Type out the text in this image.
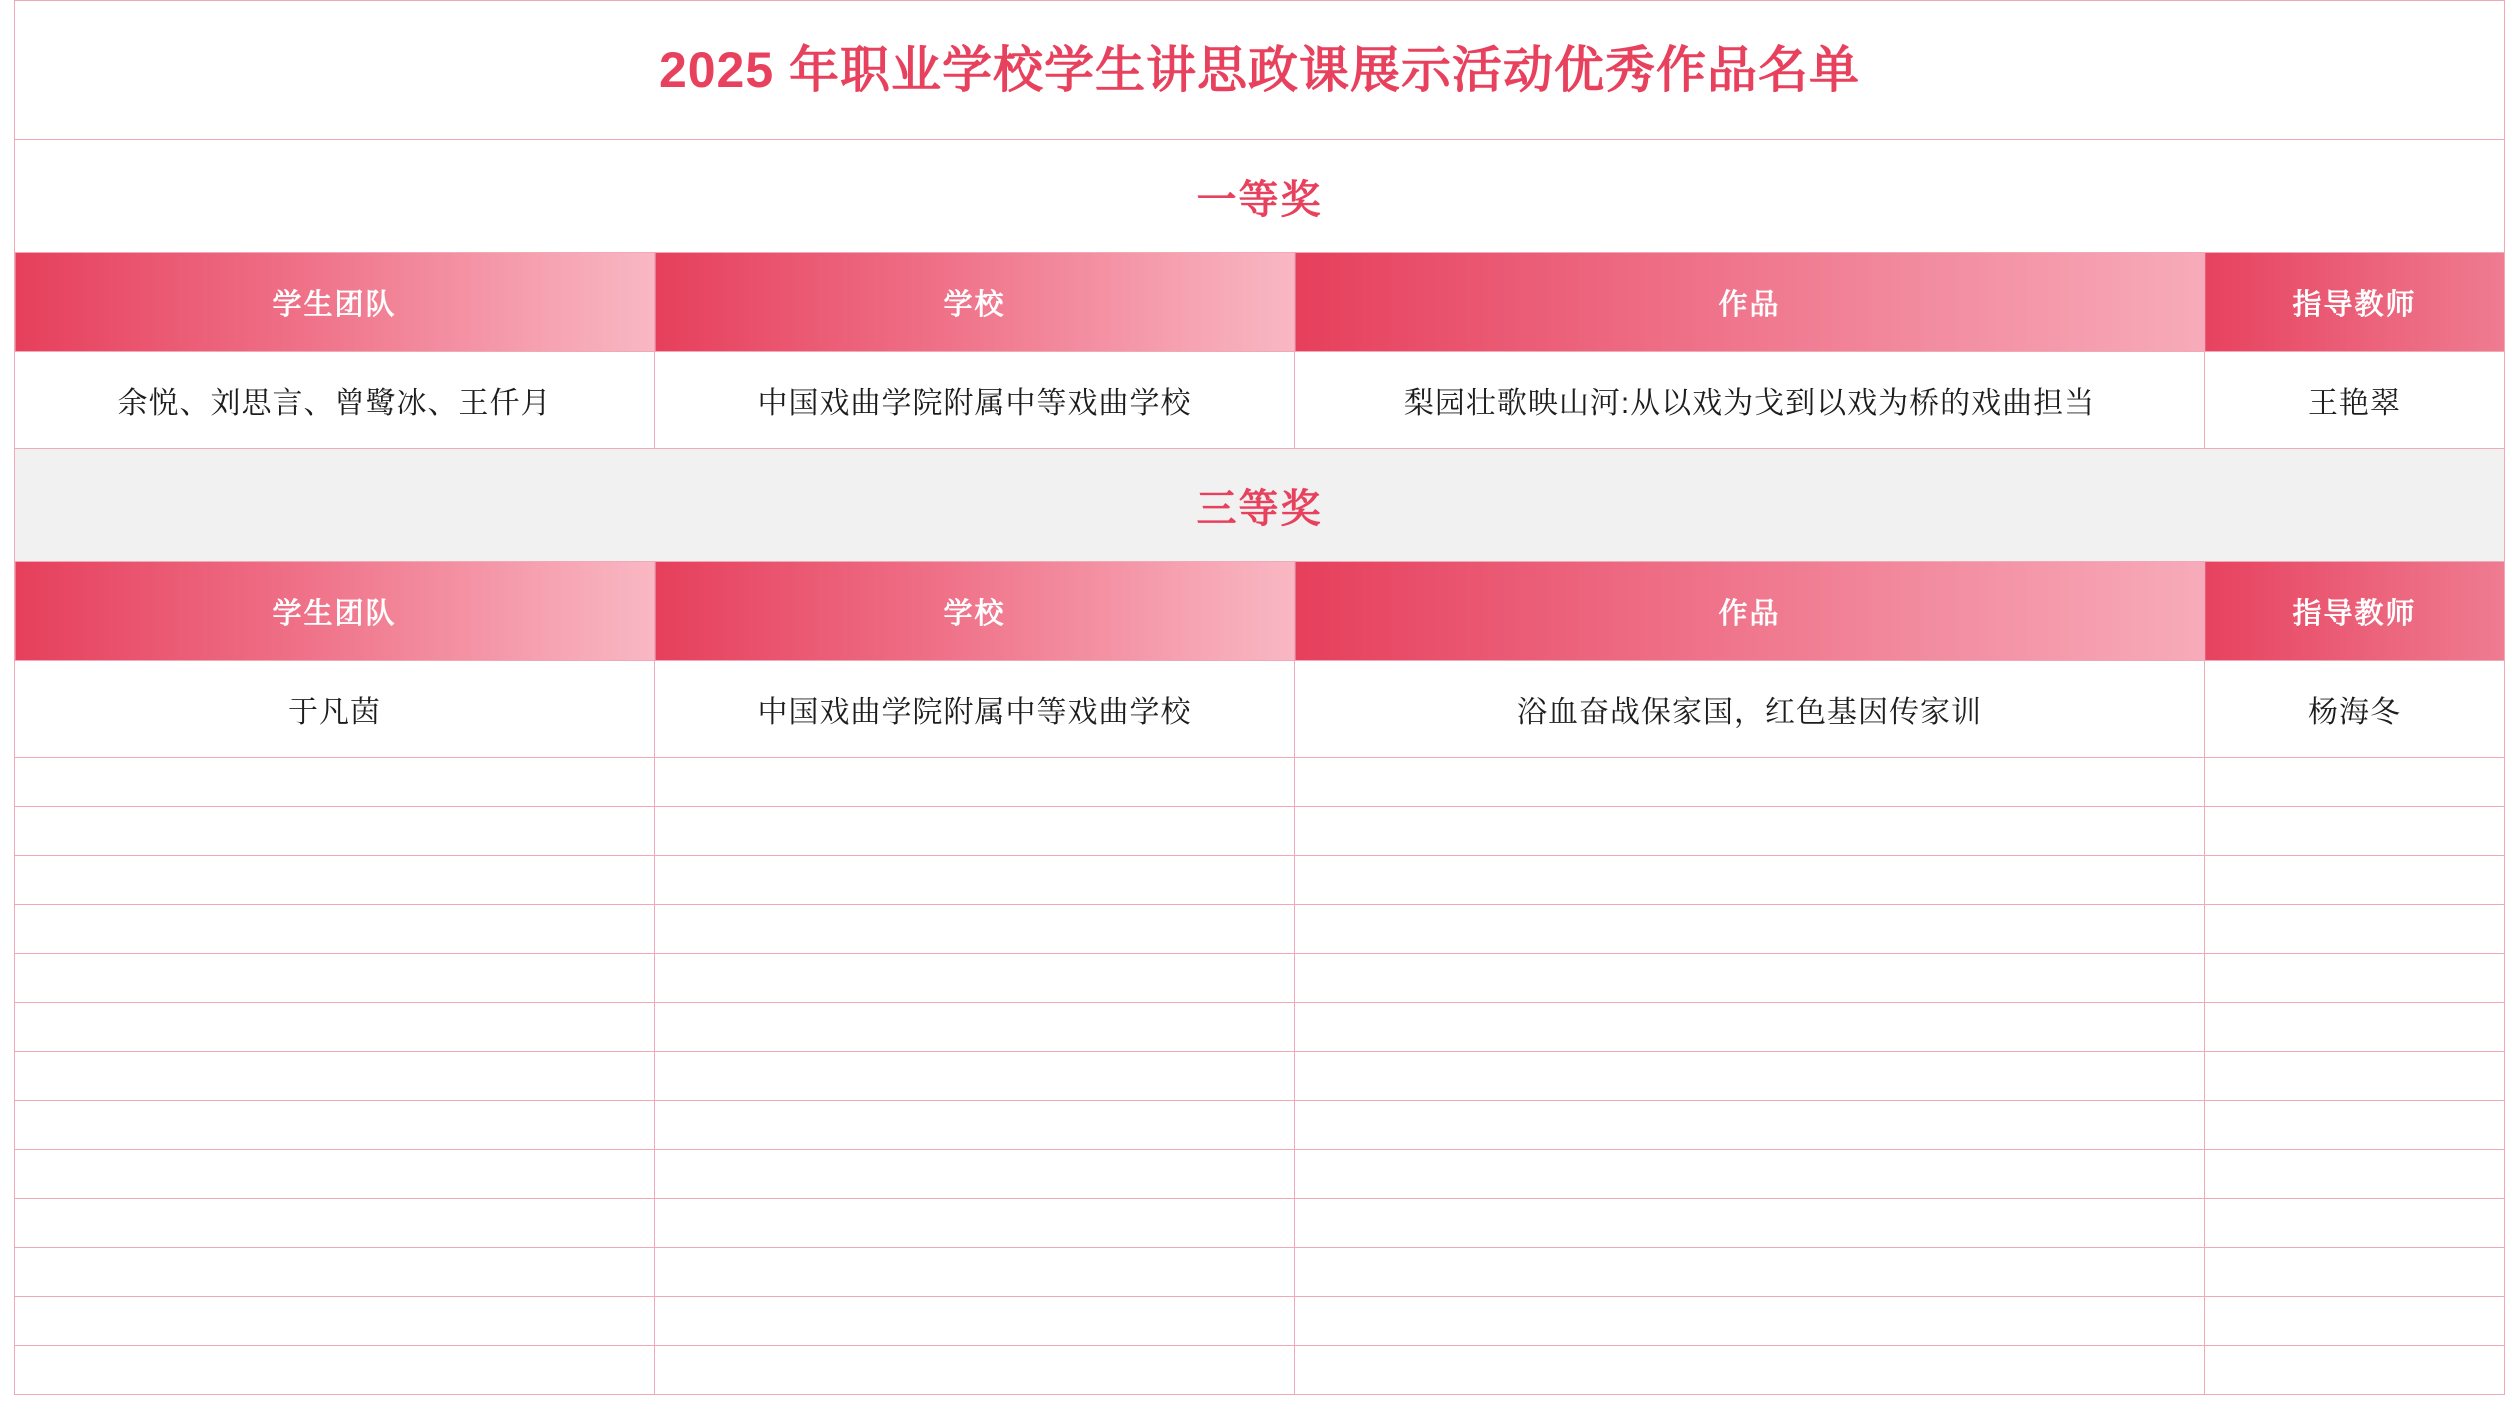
2025 年职业学校学生讲思政课展示活动优秀作品名单			

一等奖			

学生团队	学校	作品	指导教师

余悦、刘思言、曾鹭冰、王仟月	中国戏曲学院附属中等戏曲学校	梨园壮歌映山河:从以戏为戈到以戏为桥的戏曲担当	王艳翠

三等奖			

学生团队	学校	作品	指导教师

于凡茵	中国戏曲学院附属中等戏曲学校	浴血奋战保家国，红色基因传家训	杨海冬
